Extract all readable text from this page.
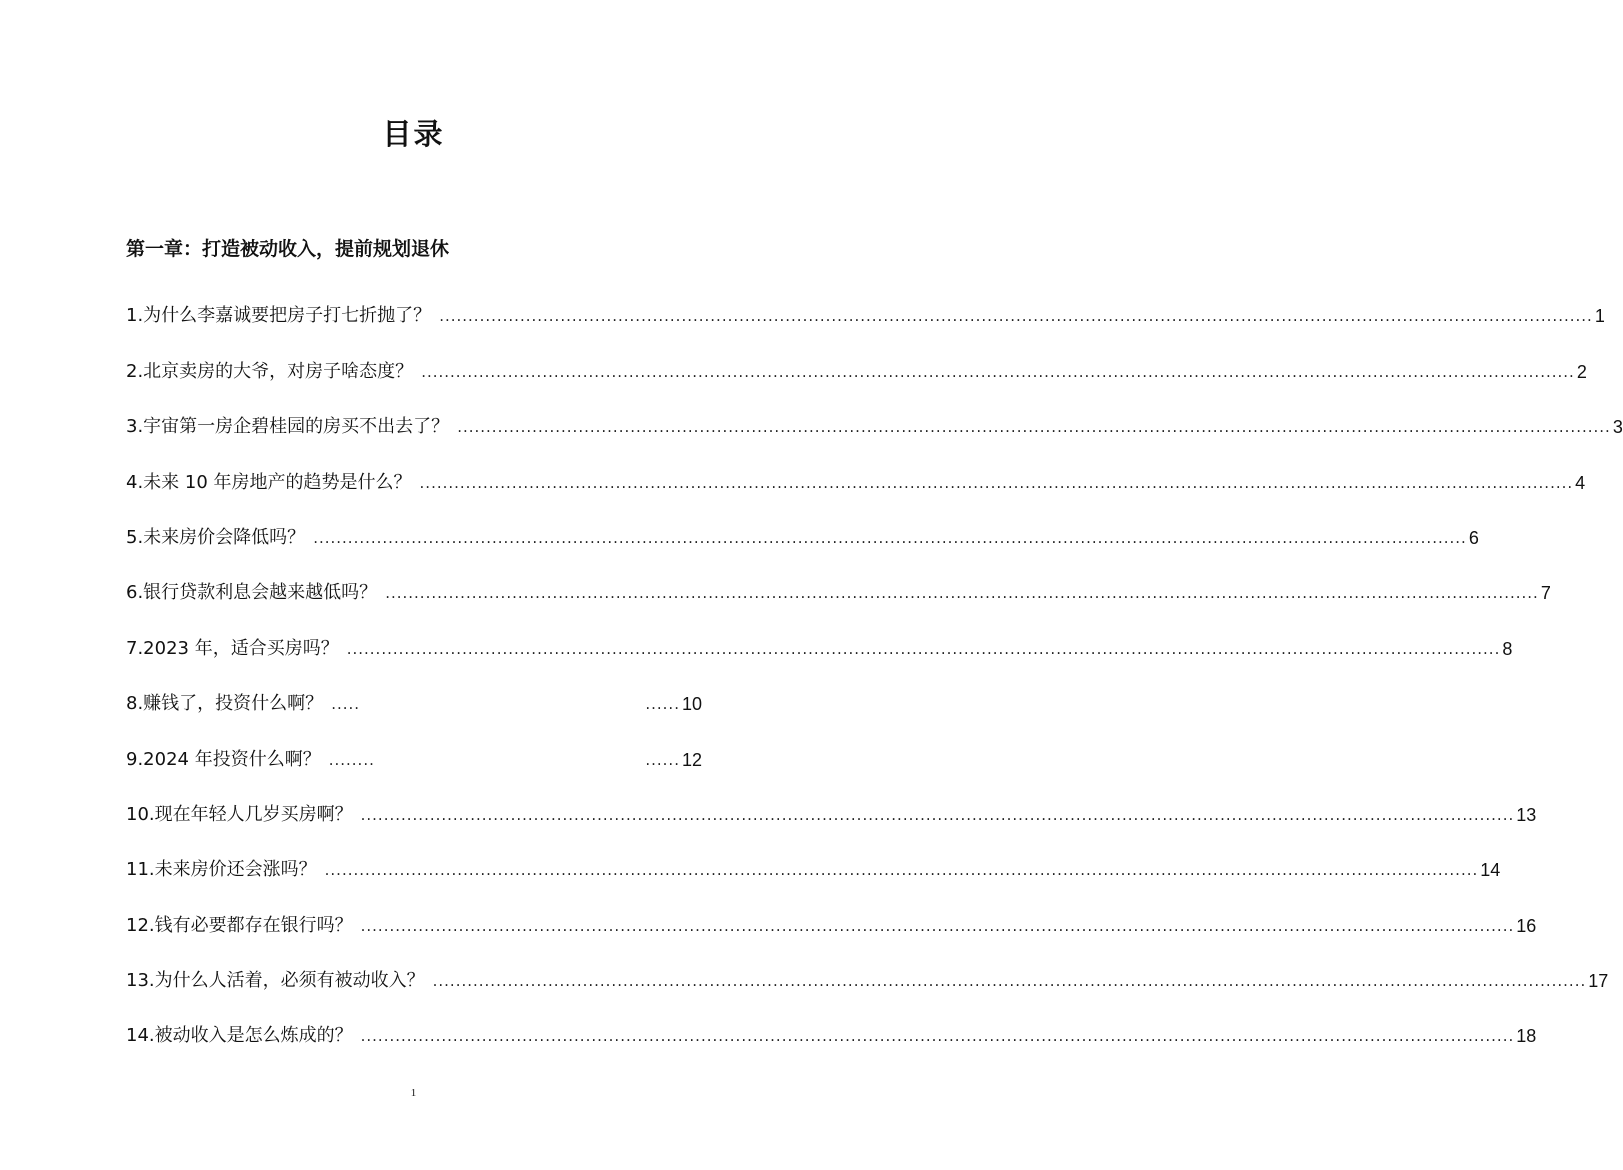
目录
第一章：打造被动收入，提前规划退休
1.为什么李嘉诚要把房子打七折抛了？ ........................................................................................................................................................................................................ 1
2.北京卖房的大爷，对房子啥态度？ ........................................................................................................................................................................................................ 2
3.宇宙第一房企碧桂园的房买不出去了？ ........................................................................................................................................................................................................ 3
4.未来 10 年房地产的趋势是什么？ ........................................................................................................................................................................................................ 4
5.未来房价会降低吗？ ........................................................................................................................................................................................................ 6
6.银行贷款利息会越来越低吗？ ........................................................................................................................................................................................................ 7
7.2023 年，适合买房吗？ ........................................................................................................................................................................................................ 8
8.赚钱了，投资什么啊？ .....	...... 10
9.2024 年投资什么啊？ ........	...... 12
10.现在年轻人几岁买房啊？ ........................................................................................................................................................................................................ 13
11.未来房价还会涨吗？ ........................................................................................................................................................................................................ 14
12.钱有必要都存在银行吗？ ........................................................................................................................................................................................................ 16
13.为什么人活着，必须有被动收入？ ........................................................................................................................................................................................................ 17
14.被动收入是怎么炼成的？ ........................................................................................................................................................................................................ 18
1
